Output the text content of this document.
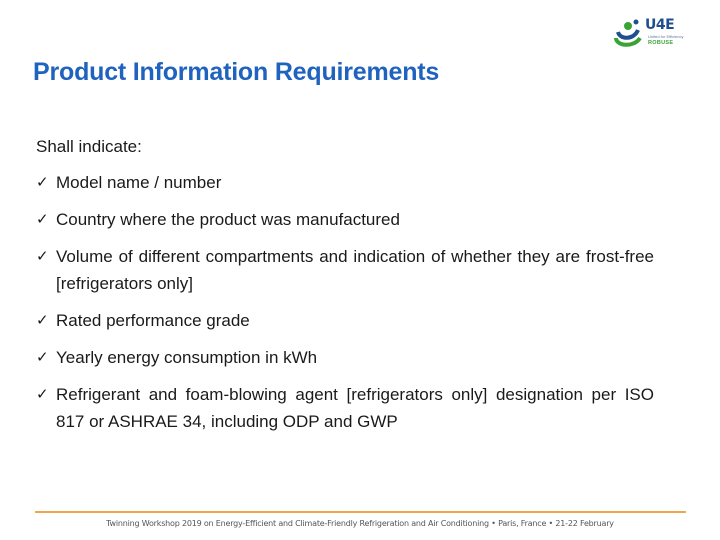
U4E
United for Efficiency
ROBUSE
Product Information Requirements

Shall indicate:

✓ Model name / number
✓ Country where the product was manufactured
✓ Volume of different compartments and indication of whether they are frost-free [refrigerators only]
✓ Rated performance grade
✓ Yearly energy consumption in kWh
✓ Refrigerant and foam-blowing agent [refrigerators only] designation per ISO 817 or ASHRAE 34, including ODP and GWP
Twinning Workshop 2019 on Energy-Efficient and Climate-Friendly Refrigeration and Air Conditioning • Paris, France • 21-22 February
